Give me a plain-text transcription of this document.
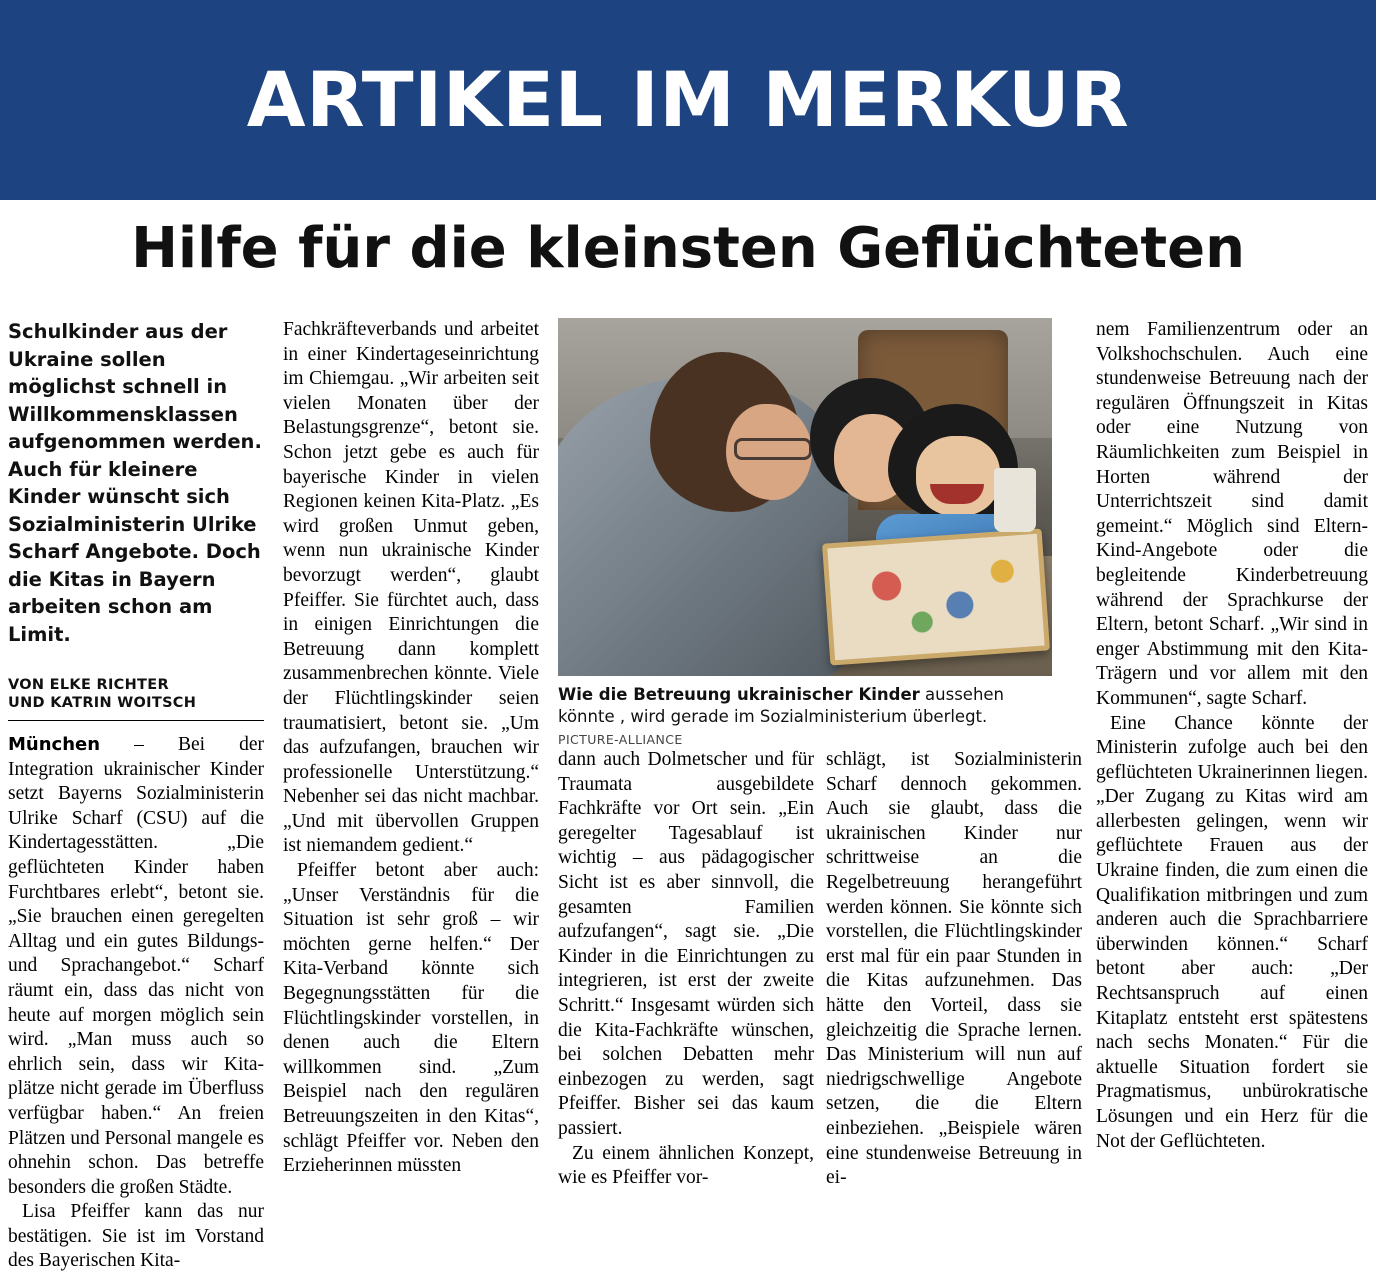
ARTIKEL IM MERKUR
Hilfe für die kleinsten Geflüchteten
Schulkinder aus der Ukraine sollen möglichst schnell in Willkommensklassen aufgenommen werden. Auch für kleinere Kinder wünscht sich Sozialministerin Ulrike Scharf Angebote. Doch die Kitas in Bayern arbeiten schon am Limit.
VON ELKE RICHTER
UND KATRIN WOITSCH

München – Bei der Integration ukrainischer Kinder setzt Bayerns Sozialministerin Ulrike Scharf (CSU) auf die Kindertagesstätten. „Die geflüchteten Kinder haben Furchtbares erlebt“, betont sie. „Sie brauchen einen geregelten Alltag und ein gutes Bildungs- und Sprachangebot.“ Scharf räumt ein, dass das nicht von heute auf morgen möglich sein wird. „Man muss auch so ehrlich sein, dass wir Kita-plätze nicht gerade im Überfluss verfügbar haben.“ An freien Plätzen und Personal mangele es ohnehin schon. Das betreffe besonders die großen Städte.

Lisa Pfeiffer kann das nur bestätigen. Sie ist im Vorstand des Bayerischen Kita-

Fachkräfteverbands und arbeitet in einer Kindertageseinrichtung im Chiemgau. „Wir arbeiten seit vielen Monaten über der Belastungsgrenze“, betont sie. Schon jetzt gebe es auch für bayerische Kinder in vielen Regionen keinen Kita-Platz. „Es wird großen Unmut geben, wenn nun ukrainische Kinder bevorzugt werden“, glaubt Pfeiffer. Sie fürchtet auch, dass in einigen Einrichtungen die Betreuung dann komplett zusammenbrechen könnte. Viele der Flüchtlingskinder seien traumatisiert, betont sie. „Um das aufzufangen, brauchen wir professionelle Unterstützung.“ Nebenher sei das nicht machbar. „Und mit übervollen Gruppen ist niemandem gedient.“

Pfeiffer betont aber auch: „Unser Verständnis für die Situation ist sehr groß – wir möchten gerne helfen.“ Der Kita-Verband könnte sich Begegnungsstätten für die Flüchtlingskinder vorstellen, in denen auch die Eltern willkommen sind. „Zum Beispiel nach den regulären Betreuungszeiten in den Kitas“, schlägt Pfeiffer vor. Neben den Erzieherinnen müssten

Wie die Betreuung ukrainischer Kinder aussehen könnte , wird gerade im Sozialministerium überlegt. PICTURE-ALLIANCE

dann auch Dolmetscher und für Traumata ausgebildete Fachkräfte vor Ort sein. „Ein geregelter Tagesablauf ist wichtig – aus pädagogischer Sicht ist es aber sinnvoll, die gesamten Familien aufzufangen“, sagt sie. „Die Kinder in die Einrichtungen zu integrieren, ist erst der zweite Schritt.“ Insgesamt würden sich die Kita-Fachkräfte wünschen, bei solchen Debatten mehr einbezogen zu werden, sagt Pfeiffer. Bisher sei das kaum passiert.

Zu einem ähnlichen Konzept, wie es Pfeiffer vor-

schlägt, ist Sozialministerin Scharf dennoch gekommen. Auch sie glaubt, dass die ukrainischen Kinder nur schrittweise an die Regelbetreuung herangeführt werden können. Sie könnte sich vorstellen, die Flüchtlingskinder erst mal für ein paar Stunden in die Kitas aufzunehmen. Das hätte den Vorteil, dass sie gleichzeitig die Sprache lernen. Das Ministerium will nun auf niedrigschwellige Angebote setzen, die die Eltern einbeziehen. „Beispiele wären eine stundenweise Betreuung in ei-

nem Familienzentrum oder an Volkshochschulen. Auch eine stundenweise Betreuung nach der regulären Öffnungszeit in Kitas oder eine Nutzung von Räumlichkeiten zum Beispiel in Horten während der Unterrichtszeit sind damit gemeint.“ Möglich sind Eltern-Kind-Angebote oder die begleitende Kinderbetreuung während der Sprachkurse der Eltern, betont Scharf. „Wir sind in enger Abstimmung mit den Kita-Trägern und vor allem mit den Kommunen“, sagte Scharf.

Eine Chance könnte der Ministerin zufolge auch bei den geflüchteten Ukrainerinnen liegen. „Der Zugang zu Kitas wird am allerbesten gelingen, wenn wir geflüchtete Frauen aus der Ukraine finden, die zum einen die Qualifikation mitbringen und zum anderen auch die Sprachbarriere überwinden können.“ Scharf betont aber auch: „Der Rechtsanspruch auf einen Kitaplatz entsteht erst spätestens nach sechs Monaten.“ Für die aktuelle Situation fordert sie Pragmatismus, unbürokratische Lösungen und ein Herz für die Not der Geflüchteten.
